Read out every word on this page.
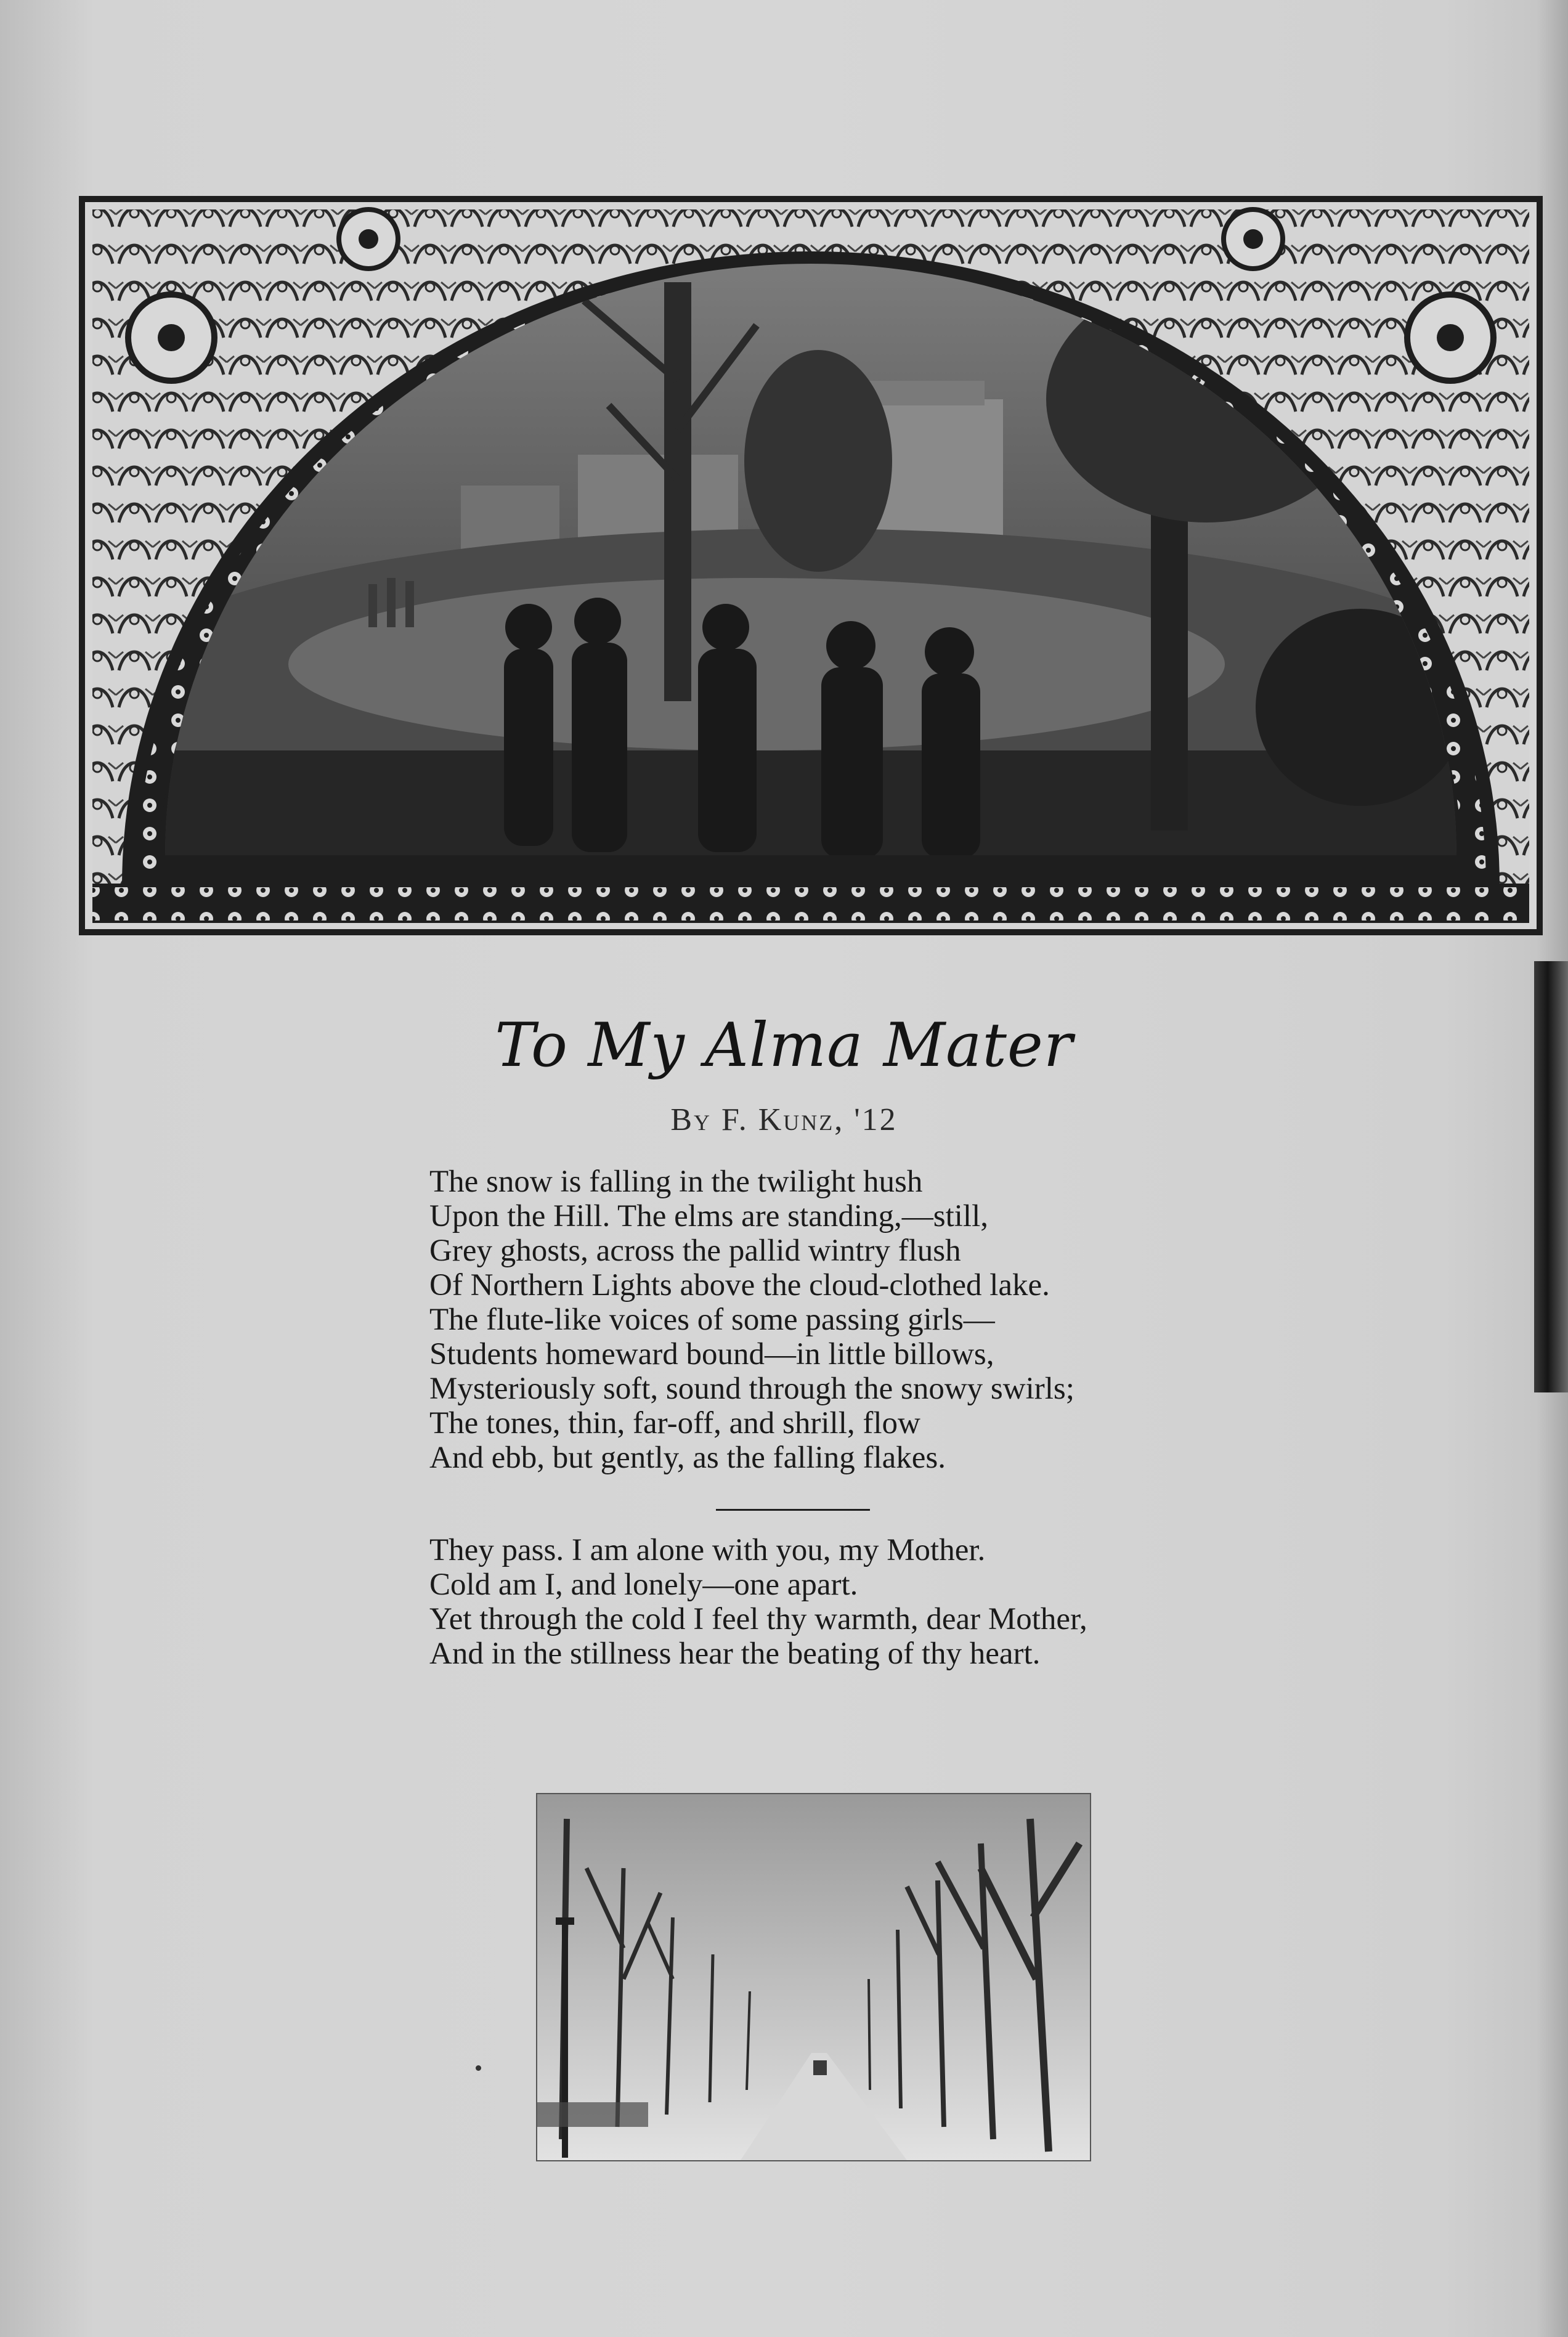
To My Alma Mater
By F. Kunz, '12
The snow is falling in the twilight hush
Upon the Hill. The elms are standing,—still,
Grey ghosts, across the pallid wintry flush
Of Northern Lights above the cloud-clothed lake.
The flute-like voices of some passing girls—
Students homeward bound—in little billows,
Mysteriously soft, sound through the snowy swirls;
The tones, thin, far-off, and shrill, flow
And ebb, but gently, as the falling flakes.
They pass. I am alone with you, my Mother.
Cold am I, and lonely—one apart.
Yet through the cold I feel thy warmth, dear Mother,
And in the stillness hear the beating of thy heart.
